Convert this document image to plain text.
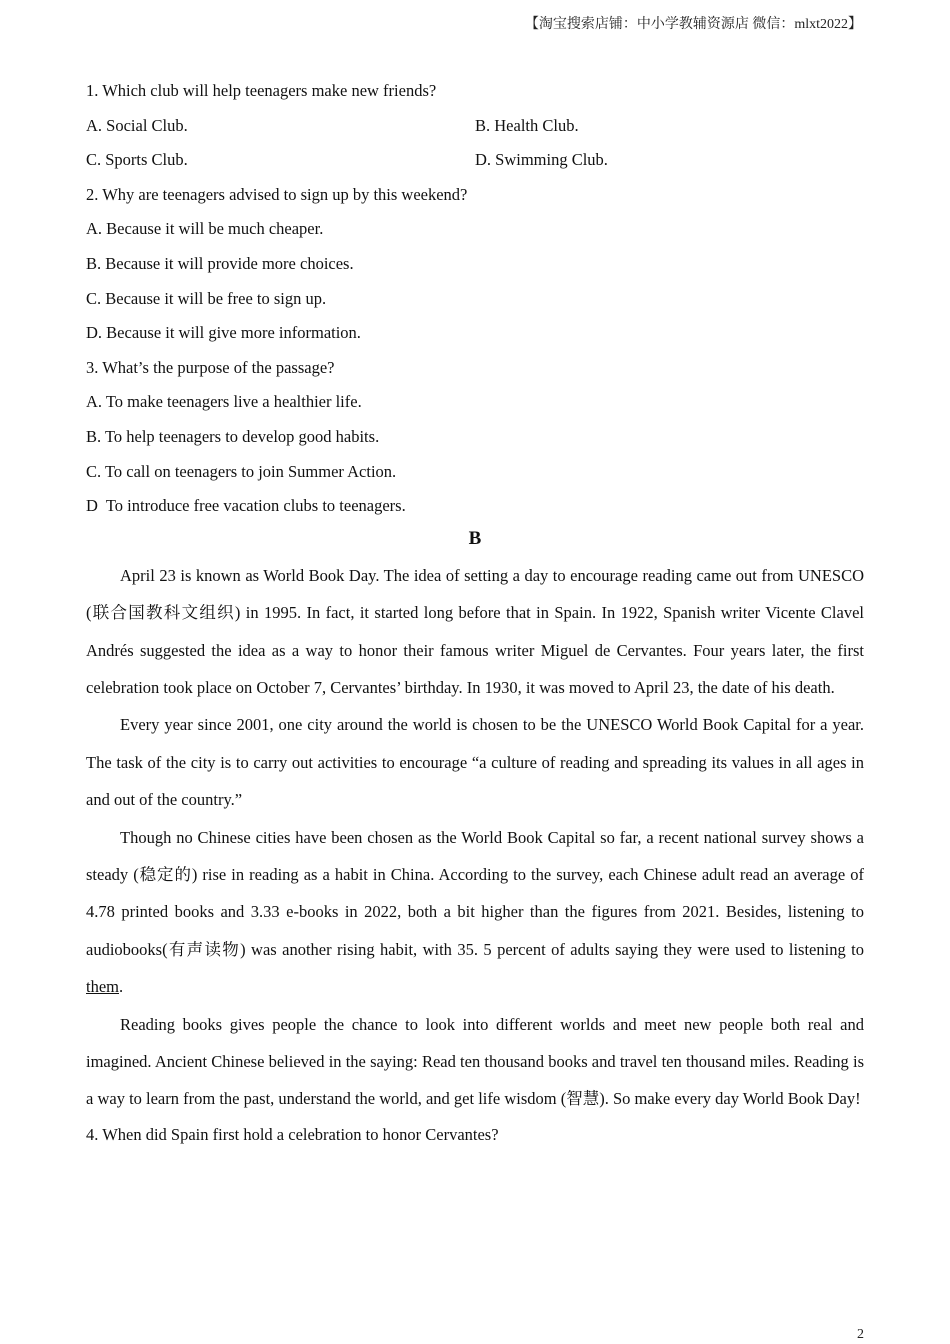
【淘宝搜索店铺：中小学教辅资源店 微信：mlxt2022】
1. Which club will help teenagers make new friends?
A. Social Club.	B. Health Club.
C. Sports Club.	D. Swimming Club.
2. Why are teenagers advised to sign up by this weekend?
A. Because it will be much cheaper.
B. Because it will provide more choices.
C. Because it will be free to sign up.
D. Because it will give more information.
3. What’s the purpose of the passage?
A. To make teenagers live a healthier life.
B. To help teenagers to develop good habits.
C. To call on teenagers to join Summer Action.
D  To introduce free vacation clubs to teenagers.
B

April 23 is known as World Book Day. The idea of setting a day to encourage reading came out from UNESCO (联合国教科文组织) in 1995. In fact, it started long before that in Spain. In 1922, Spanish writer Vicente Clavel Andrés suggested the idea as a way to honor their famous writer Miguel de Cervantes. Four years later, the first celebration took place on October 7, Cervantes’ birthday. In 1930, it was moved to April 23, the date of his death.

Every year since 2001, one city around the world is chosen to be the UNESCO World Book Capital for a year. The task of the city is to carry out activities to encourage “a culture of reading and spreading its values in all ages in and out of the country.”

Though no Chinese cities have been chosen as the World Book Capital so far, a recent national survey shows a steady (稳定的) rise in reading as a habit in China. According to the survey, each Chinese adult read an average of 4.78 printed books and 3.33 e-books in 2022, both a bit higher than the figures from 2021. Besides, listening to audiobooks(有声读物) was another rising habit, with 35. 5 percent of adults saying they were used to listening to them.

Reading books gives people the chance to look into different worlds and meet new people both real and imagined. Ancient Chinese believed in the saying: Read ten thousand books and travel ten thousand miles. Reading is a way to learn from the past, understand the world, and get life wisdom (智慧). So make every day World Book Day!

4. When did Spain first hold a celebration to honor Cervantes?
2
